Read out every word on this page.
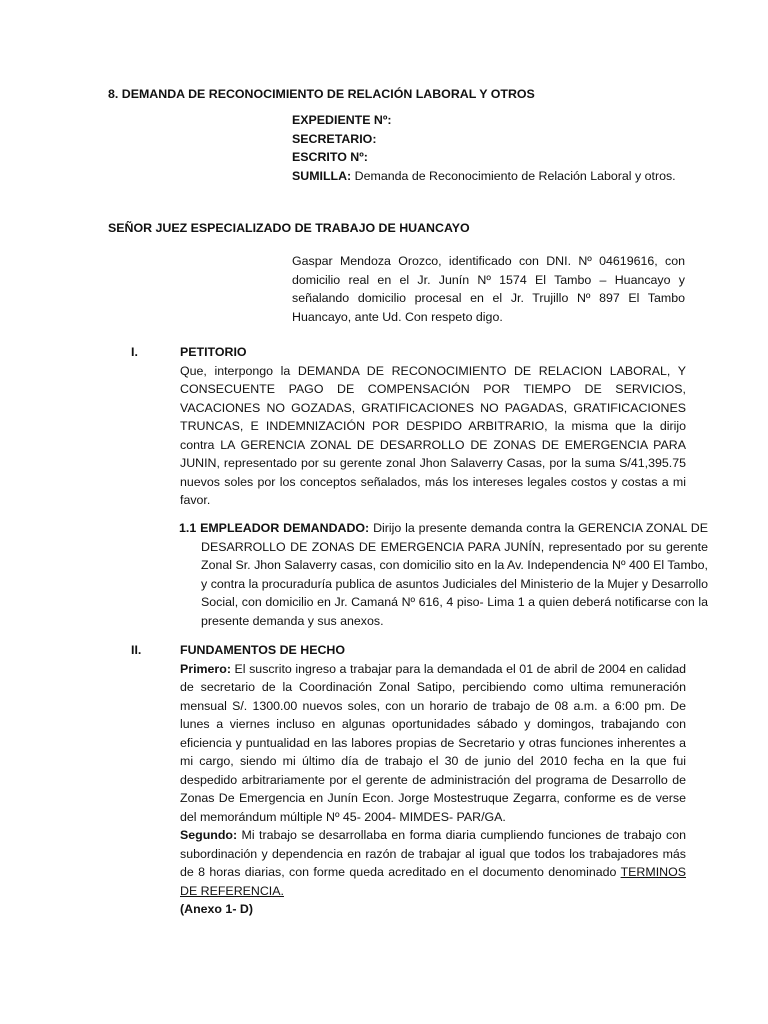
8. DEMANDA DE RECONOCIMIENTO DE RELACIÓN LABORAL Y OTROS

EXPEDIENTE Nº:

SECRETARIO:

ESCRITO Nº:

SUMILLA: Demanda de Reconocimiento de Relación Laboral y otros.

SEÑOR JUEZ ESPECIALIZADO DE TRABAJO DE HUANCAYO
Gaspar Mendoza Orozco, identificado con DNI. Nº 04619616, con domicilio real en el Jr. Junín Nº 1574 El Tambo – Huancayo y señalando domicilio procesal en el Jr. Trujillo Nº 897 El Tambo Huancayo, ante Ud. Con respeto digo.
I.	PETITORIO

Que, interpongo la DEMANDA DE RECONOCIMIENTO DE RELACION LABORAL, Y CONSECUENTE PAGO DE COMPENSACIÓN POR TIEMPO DE SERVICIOS, VACACIONES NO GOZADAS, GRATIFICACIONES NO PAGADAS, GRATIFICACIONES TRUNCAS, E INDEMNIZACIÓN POR DESPIDO ARBITRARIO, la misma que la dirijo contra LA GERENCIA ZONAL DE DESARROLLO DE ZONAS DE EMERGENCIA PARA JUNIN, representado por su gerente zonal Jhon Salaverry Casas, por la suma S/41,395.75 nuevos soles por los conceptos señalados, más los intereses legales costos y costas a mi favor.

1.1 EMPLEADOR DEMANDADO: Dirijo la presente demanda contra la GERENCIA ZONAL DE DESARROLLO DE ZONAS DE EMERGENCIA PARA JUNÍN, representado por su gerente Zonal Sr. Jhon Salaverry casas, con domicilio sito en la Av. Independencia Nº 400 El Tambo, y contra la procuraduría publica de asuntos Judiciales del Ministerio de la Mujer y Desarrollo Social, con domicilio en Jr. Camaná Nº 616, 4 piso- Lima 1 a quien deberá notificarse con la presente demanda y sus anexos.
II.	FUNDAMENTOS DE HECHO

Primero: El suscrito ingreso a trabajar para la demandada el 01 de abril de 2004 en calidad de secretario de la Coordinación Zonal Satipo, percibiendo como ultima remuneración mensual S/. 1300.00 nuevos soles, con un horario de trabajo de 08 a.m. a 6:00 pm. De lunes a viernes incluso en algunas oportunidades sábado y domingos, trabajando con eficiencia y puntualidad en las labores propias de Secretario y otras funciones inherentes a mi cargo, siendo mi último día de trabajo el 30 de junio del 2010 fecha en la que fui despedido arbitrariamente por el gerente de administración del programa de Desarrollo de Zonas De Emergencia en Junín Econ. Jorge Mostestruque Zegarra, conforme es de verse del memorándum múltiple Nº 45- 2004- MIMDES- PAR/GA.

Segundo: Mi trabajo se desarrollaba en forma diaria cumpliendo funciones de trabajo con subordinación y dependencia en razón de trabajar al igual que todos los trabajadores más de 8 horas diarias, con forme queda acreditado en el documento denominado TERMINOS DE REFERENCIA.

(Anexo 1- D)
